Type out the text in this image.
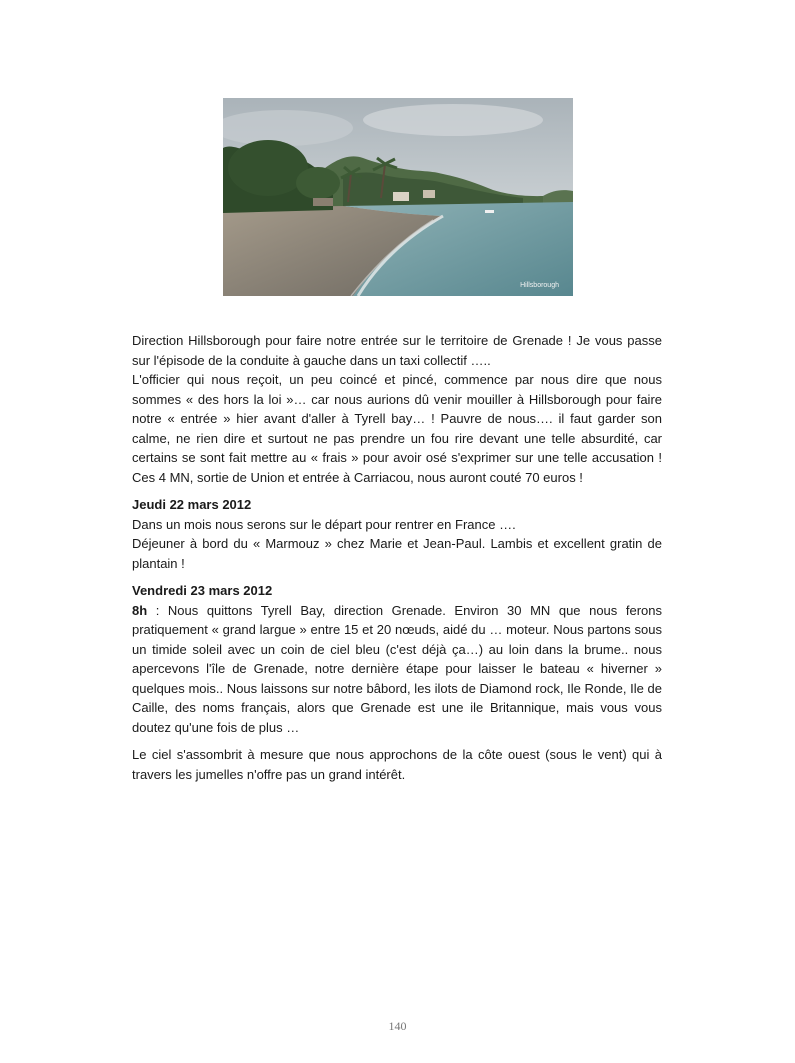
Hillsborough

Direction Hillsborough pour faire notre entrée sur le territoire de Grenade ! Je vous passe sur l'épisode de la conduite à gauche dans un taxi collectif …..

L'officier qui nous reçoit, un peu coincé et pincé, commence par nous dire que nous sommes « des hors la loi »… car nous aurions dû venir mouiller à Hillsborough pour faire notre « entrée » hier avant d'aller à Tyrell bay… ! Pauvre de nous…. il faut garder son calme, ne rien dire et surtout ne pas prendre un fou rire devant une telle absurdité, car certains se sont fait mettre au « frais » pour avoir osé s'exprimer sur une telle accusation ! Ces 4 MN, sortie de Union et entrée à Carriacou, nous auront couté 70 euros !

Jeudi 22 mars 2012

Dans un mois nous serons sur le départ pour rentrer en France ….

Déjeuner à bord du « Marmouz » chez Marie et Jean-Paul. Lambis et excellent gratin de plantain !

Vendredi 23 mars 2012

8h : Nous quittons Tyrell Bay, direction Grenade. Environ 30 MN que nous ferons pratiquement « grand largue » entre 15 et 20 nœuds, aidé du … moteur. Nous partons sous un timide soleil avec un coin de ciel bleu (c'est déjà ça…) au loin dans la brume.. nous apercevons l'île de Grenade, notre dernière étape pour laisser le bateau « hiverner » quelques mois.. Nous laissons sur notre bâbord, les ilots de Diamond rock, Ile Ronde, Ile de Caille, des noms français, alors que Grenade est une ile Britannique, mais vous vous doutez qu'une fois de plus …

Le ciel s'assombrit à mesure que nous approchons de la côte ouest (sous le vent) qui à travers les jumelles n'offre pas un grand intérêt.

140
